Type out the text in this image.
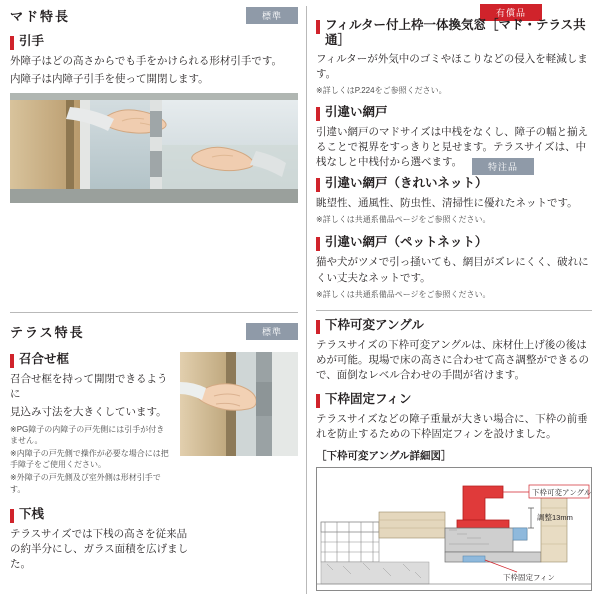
マド特長	標準
引手

外障子はどの高さからでも手をかけられる形材引手です。

内障子は内障子引手を使って開閉します。

テラス特長	標準
召合せ框

召合せ框を持って開閉できるように

見込み寸法を大きくしています。

※PG障子の内障子の戸先側には引手が付きません。

※内障子の戸先側で操作が必要な場合には把手障子をご使用ください。

※外障子の戸先側及び室外側は形材引手です。

下桟

テラスサイズでは下桟の高さを従来品の約半分にし、ガラス面積を広げました。

有償品
フィルター付上枠一体換気窓［マド・テラス共通］

フィルターが外気中のゴミやほこりなどの侵入を軽減します。

※詳しくはP.224をご参照ください。

引違い網戸

引違い網戸のマドサイズは中桟をなくし、障子の幅と揃えることで視界をすっきりと見せます。テラスサイズは、中桟なしと中桟付から選べます。	特注品
引違い網戸（きれいネット）

眺望性、通風性、防虫性、清掃性に優れたネットです。

※詳しくは共通系備品ページをご参照ください。

引違い網戸（ペットネット）

猫や犬がツメで引っ掻いても、網目がズレにくく、破れにくい丈夫なネットです。

※詳しくは共通系備品ページをご参照ください。

下枠可変アングル

テラスサイズの下枠可変アングルは、床材仕上げ後の後はめが可能。現場で床の高さに合わせて高さ調整ができるので、面倒なレベル合わせの手間が省けます。

下枠固定フィン

テラスサイズなどの障子重量が大きい場合に、下枠の前垂れを防止するための下枠固定フィンを設けました。

［下枠可変アングル詳細図］
下枠可変アングル
調整13mm
下枠固定フィン
